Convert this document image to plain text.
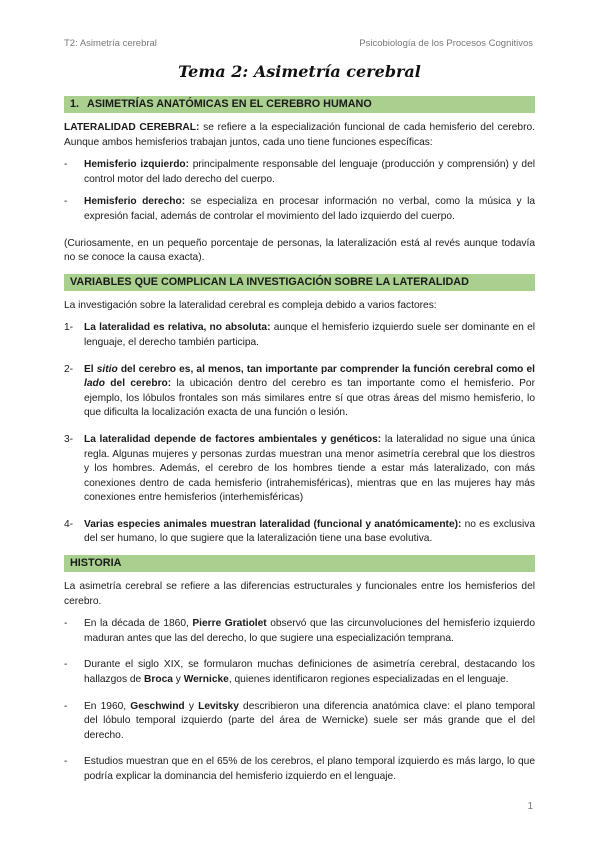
T2: Asimetría cerebral	Psicobiología de los Procesos Cognitivos
Tema 2: Asimetría cerebral
1. ASIMETRÍAS ANATÓMICAS EN EL CEREBRO HUMANO

LATERALIDAD CEREBRAL: se refiere a la especialización funcional de cada hemisferio del cerebro. Aunque ambos hemisferios trabajan juntos, cada uno tiene funciones específicas:

- Hemisferio izquierdo: principalmente responsable del lenguaje (producción y comprensión) y del control motor del lado derecho del cuerpo.
- Hemisferio derecho: se especializa en procesar información no verbal, como la música y la expresión facial, además de controlar el movimiento del lado izquierdo del cuerpo.

(Curiosamente, en un pequeño porcentaje de personas, la lateralización está al revés aunque todavía no se conoce la causa exacta).

VARIABLES QUE COMPLICAN LA INVESTIGACIÓN SOBRE LA LATERALIDAD

La investigación sobre la lateralidad cerebral es compleja debido a varios factores:

1- La lateralidad es relativa, no absoluta: aunque el hemisferio izquierdo suele ser dominante en el lenguaje, el derecho también participa.
2- El sitio del cerebro es, al menos, tan importante par comprender la función cerebral como el lado del cerebro: la ubicación dentro del cerebro es tan importante como el hemisferio. Por ejemplo, los lóbulos frontales son más similares entre sí que otras áreas del mismo hemisferio, lo que dificulta la localización exacta de una función o lesión.
3- La lateralidad depende de factores ambientales y genéticos: la lateralidad no sigue una única regla. Algunas mujeres y personas zurdas muestran una menor asimetría cerebral que los diestros y los hombres. Además, el cerebro de los hombres tiende a estar más lateralizado, con más conexiones dentro de cada hemisferio (intrahemisféricas), mientras que en las mujeres hay más conexiones entre hemisferios (interhemisféricas)
4- Varias especies animales muestran lateralidad (funcional y anatómicamente): no es exclusiva del ser humano, lo que sugiere que la lateralización tiene una base evolutiva.
HISTORIA

La asimetría cerebral se refiere a las diferencias estructurales y funcionales entre los hemisferios del cerebro.

- En la década de 1860, Pierre Gratiolet observó que las circunvoluciones del hemisferio izquierdo maduran antes que las del derecho, lo que sugiere una especialización temprana.
- Durante el siglo XIX, se formularon muchas definiciones de asimetría cerebral, destacando los hallazgos de Broca y Wernicke, quienes identificaron regiones especializadas en el lenguaje.
- En 1960, Geschwind y Levitsky describieron una diferencia anatómica clave: el plano temporal del lóbulo temporal izquierdo (parte del área de Wernicke) suele ser más grande que el del derecho.
- Estudios muestran que en el 65% de los cerebros, el plano temporal izquierdo es más largo, lo que podría explicar la dominancia del hemisferio izquierdo en el lenguaje.
1
